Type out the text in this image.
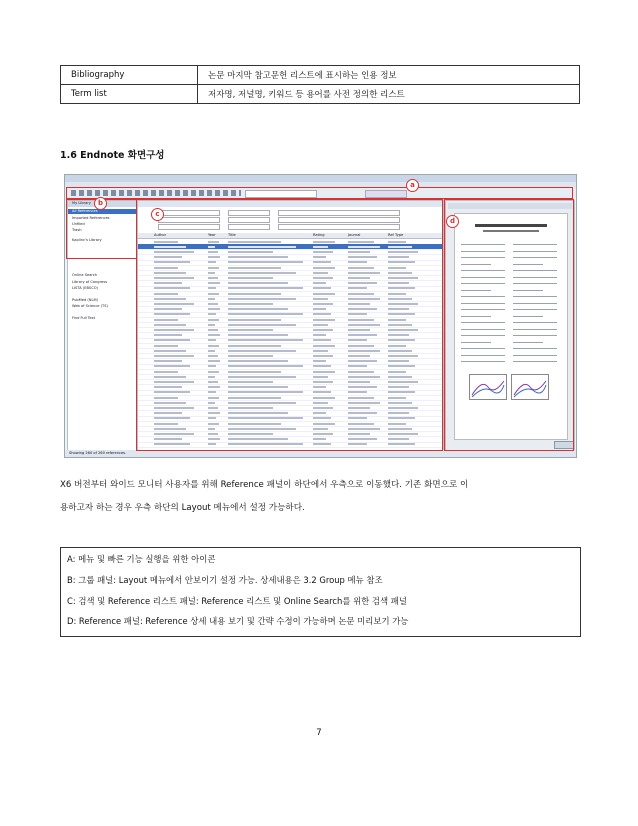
Bibliography	논문 마지막 참고문헌 리스트에 표시하는 인용 정보
Term list	저자명, 저널명, 키워드 등 용어를 사전 정의한 리스트
1.6 Endnote 화면구성
My Library
All References
Imported References
Unfiled
Trash
Kaplinc's Library
Online Search
Library of Congress
LISTA (EBSCO)
PubMed (NLM)
Web of Science (TS)
Find Full Text
Author	Year	Title	Rating	Journal	Ref Type
Showing 260 of 260 references.
a
b
c
d
X6 버전부터 와이드 모니터 사용자를 위해 Reference 패널이 하단에서 우측으로 이동했다. 기존 화면으로 이
용하고자 하는 경우 우측 하단의 Layout 메뉴에서 설정 가능하다.
A: 메뉴 및 빠른 기능 실행을 위한 아이콘
B: 그룹 패널: Layout 메뉴에서 안보이기 설정 가능. 상세내용은 3.2 Group 메뉴 참조
C: 검색 및 Reference 리스트 패널: Reference 리스트 및 Online Search를 위한 검색 패널
D: Reference 패널: Reference 상세 내용 보기 및 간략 수정이 가능하며 논문 미리보기 가능
7
